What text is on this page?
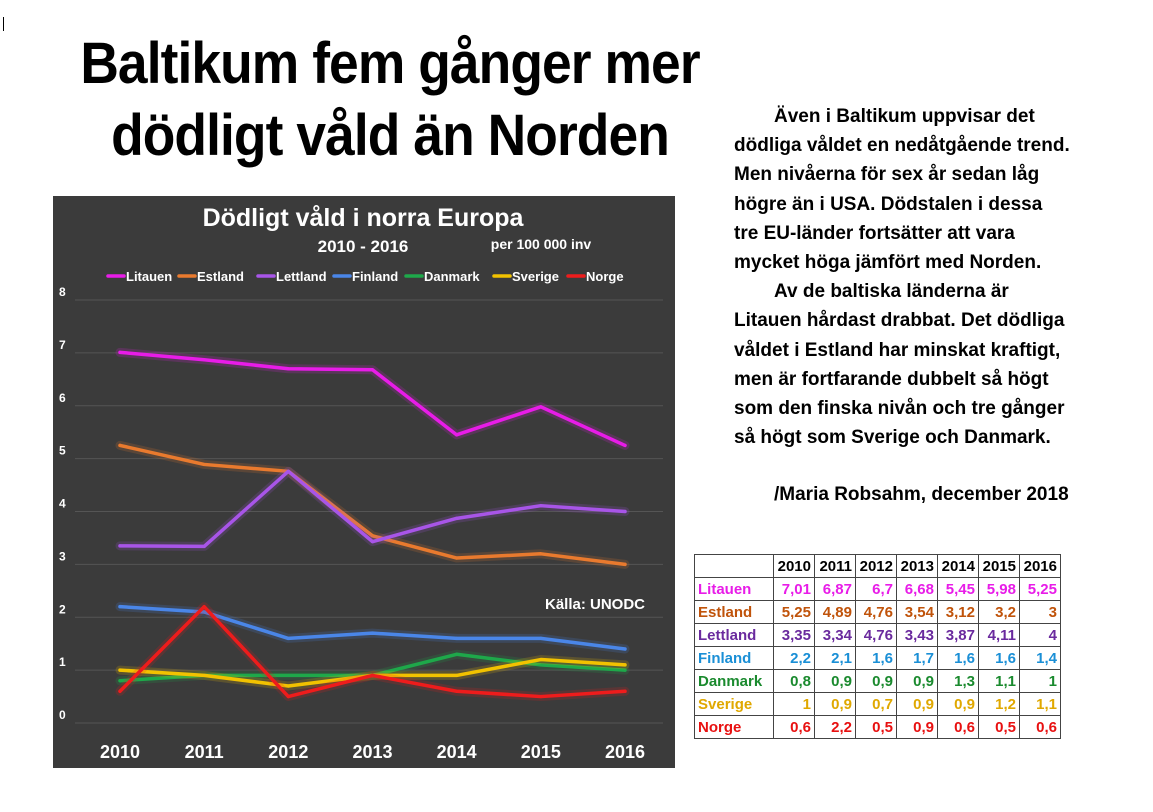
Baltikum fem gånger mer
dödligt våld än Norden	Även i Baltikum uppvisar det
dödliga våldet en nedåtgående trend.
Men nivåerna för sex år sedan låg
högre än i USA. Dödstalen i dessa
tre EU-länder fortsätter att vara
mycket höga jämfört med Norden.
Av de baltiska länderna är
Litauen hårdast drabbat. Det dödliga
våldet i Estland har minskat kraftigt,
men är fortfarande dubbelt så högt
som den finska nivån och tre gånger
så högt som Sverige och Danmark.
/Maria Robsahm, december 2018
Dödligt våld i norra Europa
2010 - 2016	per 100 000 inv
Källa: UNODC
0
1
2
3
4
5
6
7
8
2010 2011 2012 2013 2014 2015 2016
Litauen Estland Lettland Finland Danmark Sverige Norge
	2010	2011	2012	2013	2014	2015	2016
Litauen	7,01	6,87	6,7	6,68	5,45	5,98	5,25
Estland	5,25	4,89	4,76	3,54	3,12	3,2	3
Lettland	3,35	3,34	4,76	3,43	3,87	4,11	4
Finland	2,2	2,1	1,6	1,7	1,6	1,6	1,4
Danmark	0,8	0,9	0,9	0,9	1,3	1,1	1
Sverige	1	0,9	0,7	0,9	0,9	1,2	1,1
Norge	0,6	2,2	0,5	0,9	0,6	0,5	0,6
